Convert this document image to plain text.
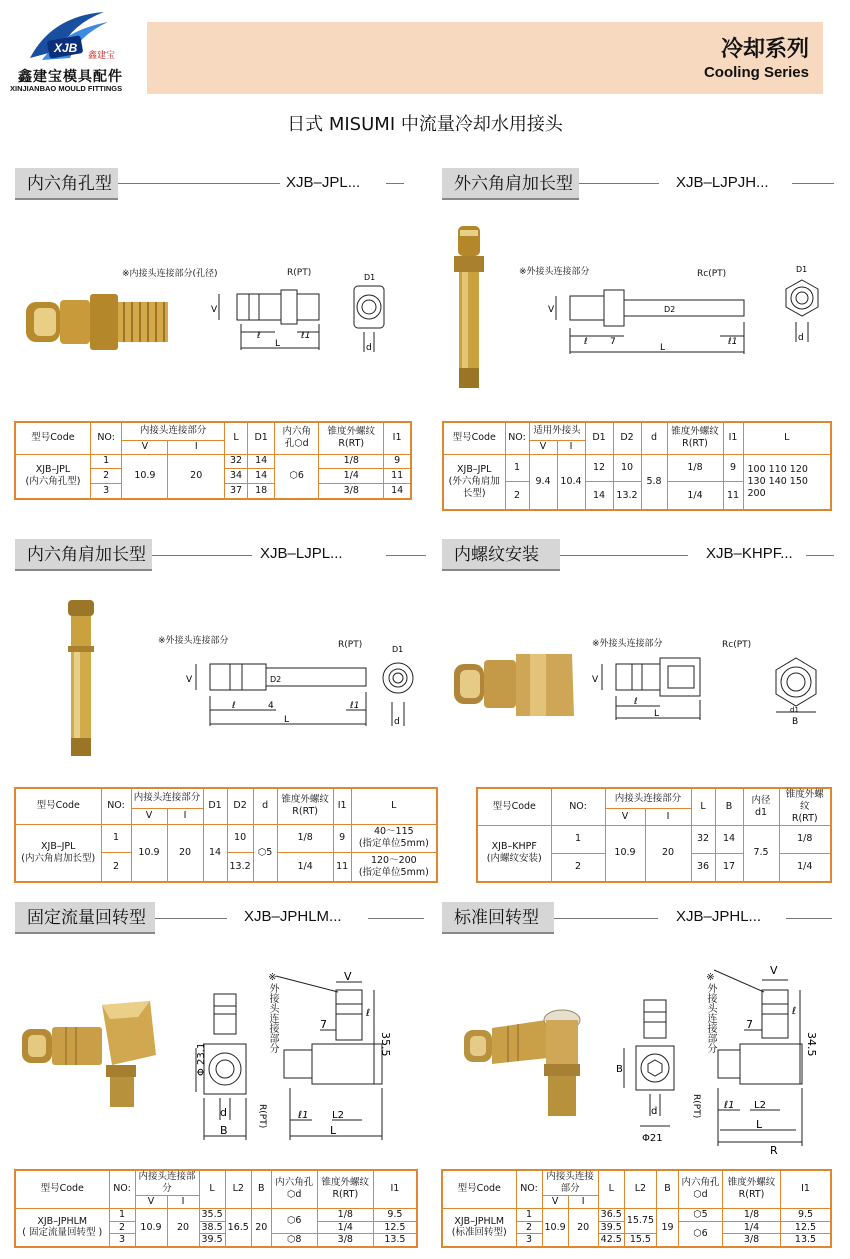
XJB
鑫建宝
鑫建宝模具配件
XINJIANBAO MOULD FITTINGS
冷却系列
Cooling Series
日式 MISUMI 中流量冷却水用接头
内六角孔型	XJB–JPL...
※内接头连接部分(孔径)	R(PT)
V
ℓ	ℓ1
L
D1
d
型号Code	NO:	内接头连接部分		L	D1	内六角
孔⬡d	锥度外螺纹
R(RT)	I1
		V	I					
XJB–JPL
(内六角孔型)	1	10.9	20	32	14	⬡6	1/8	9
	2			34	14		1/4	11
	3			37	18		3/8	14
外六角肩加长型	XJB–LJPJH...
※外接头连接部分	Rc(PT)
V
ℓ 7
D2
ℓ1
L
D1
d
型号Code	NO:	适用外接头		D1	D2	d	锥度外螺纹
R(RT)	I1	L
		V	I						
XJB–JPL
(外六角肩加
长型)	1	9.4	10.4	12	10	5.8	1/8	9	100 110 120 130 140 150 200
	2			14	13.2		1/4	11	
内六角肩加长型	XJB–LJPL...
※外接头连接部分	R(PT)
V
ℓ	4
D2
ℓ1
L
D1
d
型号Code	NO:	内接头连接部分		D1	D2	d	锥度外螺纹
R(RT)	I1	L
		V	I						
XJB–JPL
(内六角肩加长型)	1	10.9	20	14	10	⬡5	1/8	9	40～115
(指定单位5mm)
	2				13.2		1/4	11	120～200
(指定单位5mm)
内螺纹安装	XJB–KHPF...
※外接头连接部分	Rc(PT)
V
ℓ
L	d1
B
型号Code	NO:	内接头连接部分		L	B	内径
d1	锥度外螺纹
R(RT)
		V	I				
XJB–KHPF
(内螺纹安装)	1	10.9	20	32	14	7.5	1/8
	2			36	17		1/4
固定流量回转型	XJB–JPHLM...
Φ 23.1
d
B
※外接头连接部分	V
ℓ
35.5
7
ℓ1 L2
L
R(PT)
型号Code	NO:	内接头连接部分		L	L2	B	内六角孔
⬡d	锥度外螺纹
R(RT)	I1
		V	I						
XJB–JPHLM
( 固定流量回转型 )	1	10.9	20	35.5	16.5	20	⬡6	1/8	9.5
	2			38.5				1/4	12.5
	3			39.5			⬡8	3/8	13.5
标准回转型	XJB–JPHL...
B
d
Φ21
※外接头连接部分
V
ℓ
34.5
7
ℓ1 L2
L
R
R(PT)
型号Code	NO:	内接头连接部分		L	L2	B	内六角孔
⬡d	锥度外螺纹
R(RT)	I1
		V	I						
XJB–JPHLM
(标准回转型)	1	10.9	20	36.5	15.75	19	⬡5	1/8	9.5
	2			39.5			⬡6	1/4	12.5
	3			42.5	15.5			3/8	13.5
